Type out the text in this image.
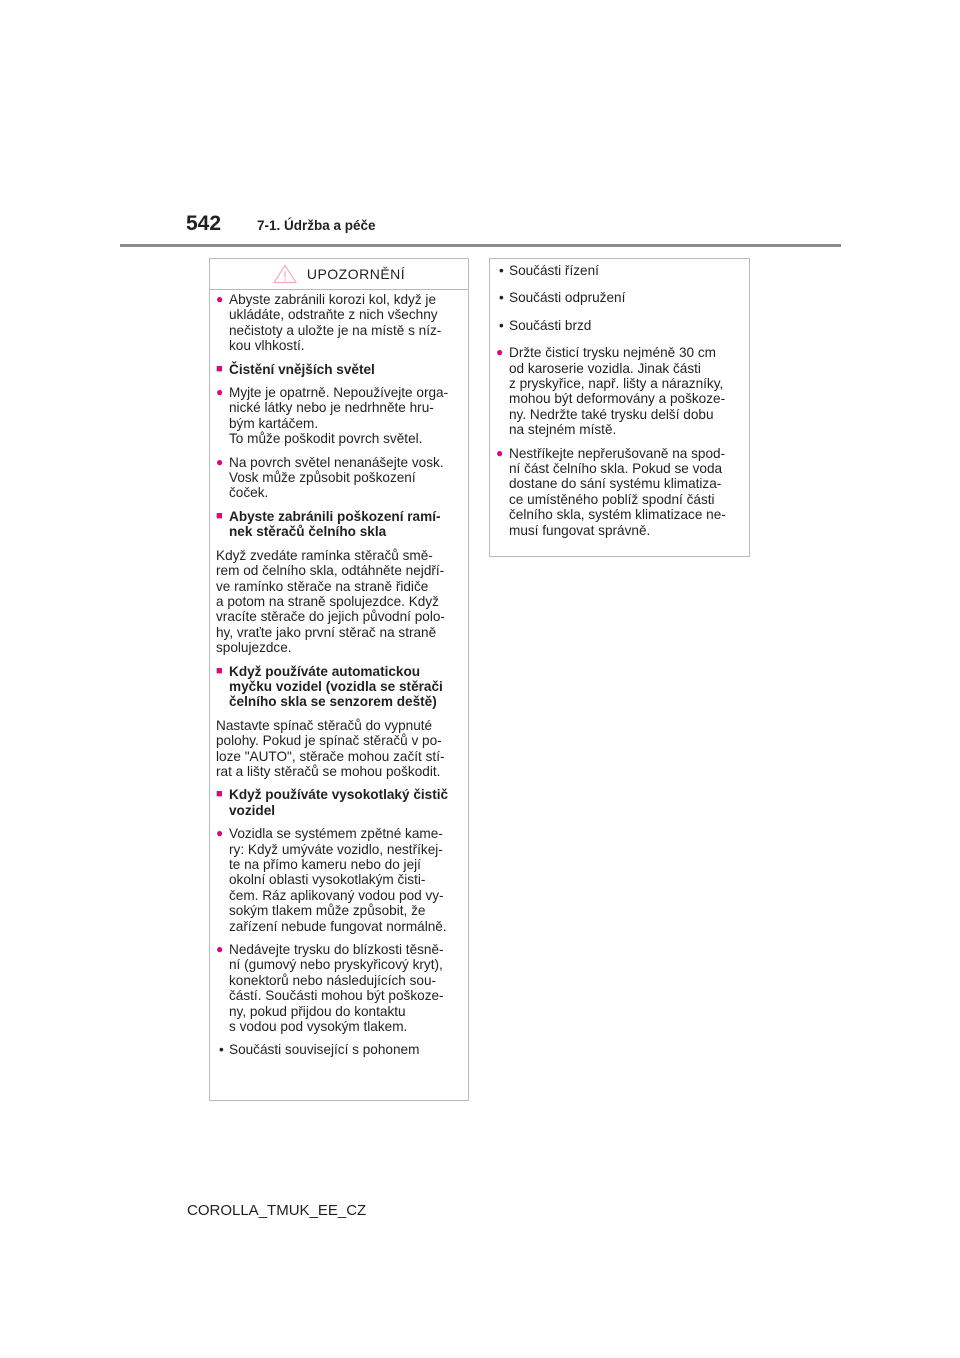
542	7-1. Údržba a péče
UPOZORNĚNÍ
● Abyste zabránili korozi kol, když je
ukládáte, odstraňte z nich všechny
nečistoty a uložte je na místě s níz-
kou vlhkostí.
■ Čistění vnějších světel
● Myjte je opatrně. Nepoužívejte orga-
nické látky nebo je nedrhněte hru-
bým kartáčem.
To může poškodit povrch světel.
● Na povrch světel nenanášejte vosk.
Vosk může způsobit poškození
čoček.
■ Abyste zabránili poškození ramí-
nek stěračů čelního skla
Když zvedáte ramínka stěračů smě-
rem od čelního skla, odtáhněte nejdří-
ve ramínko stěrače na straně řidiče
a potom na straně spolujezdce. Když
vracíte stěrače do jejich původní polo-
hy, vraťte jako první stěrač na straně
spolujezdce.
■ Když používáte automatickou
myčku vozidel (vozidla se stěrači
čelního skla se senzorem deště)
Nastavte spínač stěračů do vypnuté
polohy. Pokud je spínač stěračů v po-
loze "AUTO", stěrače mohou začít stí-
rat a lišty stěračů se mohou poškodit.
■ Když používáte vysokotlaký čistič
vozidel
● Vozidla se systémem zpětné kame-
ry: Když umýváte vozidlo, nestříkej-
te na přímo kameru nebo do její
okolní oblasti vysokotlakým čisti-
čem. Ráz aplikovaný vodou pod vy-
sokým tlakem může způsobit, že
zařízení nebude fungovat normálně.
● Nedávejte trysku do blízkosti těsně-
ní (gumový nebo pryskyřicový kryt),
konektorů nebo následujících sou-
částí. Součásti mohou být poškoze-
ny, pokud přijdou do kontaktu
s vodou pod vysokým tlakem.
• Součásti související s pohonem
• Součásti řízení
• Součásti odpružení
• Součásti brzd
● Držte čisticí trysku nejméně 30 cm
od karoserie vozidla. Jinak části
z pryskyřice, např. lišty a nárazníky,
mohou být deformovány a poškoze-
ny. Nedržte také trysku delší dobu
na stejném místě.
● Nestříkejte nepřerušovaně na spod-
ní část čelního skla. Pokud se voda
dostane do sání systému klimatiza-
ce umístěného poblíž spodní části
čelního skla, systém klimatizace ne-
musí fungovat správně.
COROLLA_TMUK_EE_CZ
